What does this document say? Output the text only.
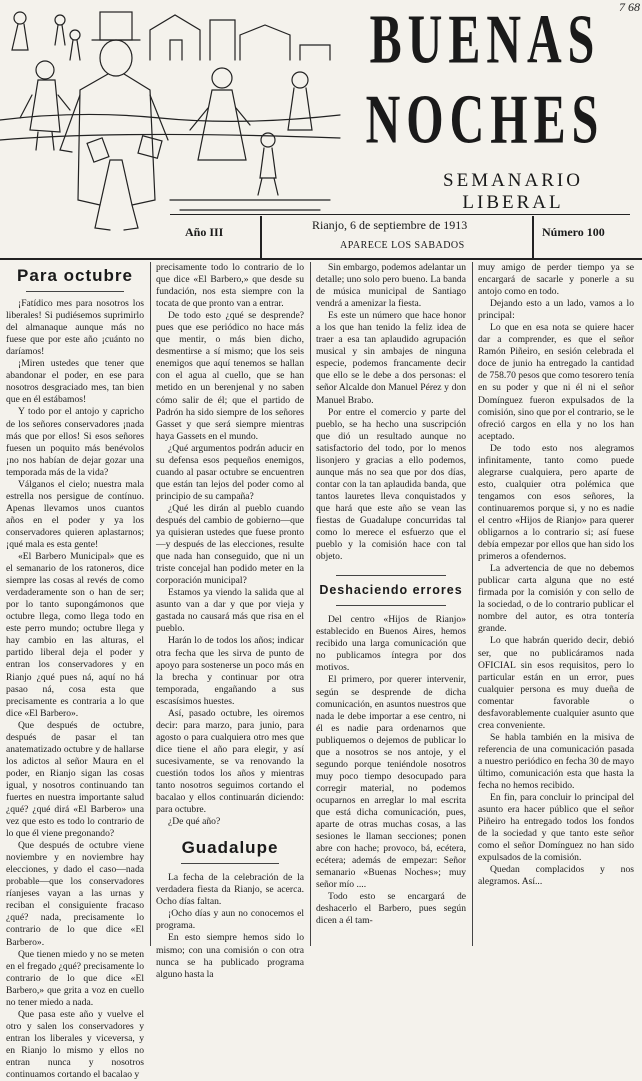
7 68
BUENAS
NOCHES
SEMANARIO LIBERAL
Año III	Rianjo, 6 de septiembre de 1913
APARECE LOS SABADOS
Número 100
Para octubre

¡Fatídico mes para nosotros los liberales! Si pudiésemos suprimirlo del almanaque aunque más no fuese que por este año ¡cuánto no daríamos!

¡Miren ustedes que tener que abandonar el poder, en ese para nosotros desgraciado mes, tan bien que en él estábamos!

Y todo por el antojo y capricho de los señores conservadores ¡nada más que por ellos! Si esos señores fuesen un poquito más benévolos ¡no nos habían de dejar gozar una temporada más de la vida?

Válganos el cielo; nuestra mala estrella nos persigue de contínuo. Apenas llevamos unos cuantos años en el poder y ya los conservadores quieren aplastarnos; ¡qué mala es esta gente!

«El Barbero Municipal» que es el semanario de los ratoneros, dice siempre las cosas al revés de como verdaderamente son o han de ser; por lo tanto supongámonos que octubre llega, como llega todo en este perro mundo; octubre llega y hay cambio en las alturas, el partido liberal deja el poder y entran los conservadores y en Rianjo ¿qué pues ná, aquí no há pasao ná, cosa esta que precisamente es contraria a lo que dice «El Barbero».

Que después de octubre, después de pasar el tan anatematizado octubre y de hallarse los adictos al señor Maura en el poder, en Rianjo sigan las cosas igual, y nosotros continuando tan fuertes en nuestra importante salud ¿qué? ¿qué dirá «El Barbero» una vez que esto es todo lo contrario de lo que él viene pregonando?

Que después de octubre viene noviembre y en noviembre hay elecciones, y dado el caso—nada probable—que los conservadores ríanjeses vayan a las urnas y reciban el consiguiente fracaso ¿qué? nada, precisamente lo contrario de lo que dice «El Barbero».

Que tienen miedo y no se meten en el fregado ¿qué? precisamente lo contrario de lo que dice «El Barbero,» que grita a voz en cuello no tener miedo a nada.

Que pasa este año y vuelve el otro y salen los conservadores y entran los liberales y viceversa, y en Rianjo lo mismo y ellos no entran nunca y nosotros continuamos cortando el bacalao y

precisamente todo lo contrario de lo que dice «El Barbero,» que desde su fundación, nos esta siempre con la tocata de que pronto van a entrar.

De todo esto ¿qué se desprende? pues que ese periódico no hace más que mentir, o más bien dicho, desmentirse a sí mismo; que los seis enemigos que aquí tenemos se hallan con el agua al cuello, que se han metido en un berenjenal y no saben cómo salir de él; que el partido de Padrón ha sido siempre de los señores Gasset y que será siempre mientras haya Gassets en el mundo.

¿Qué argumentos podrán aducir en su defensa esos pequeños enemigos, cuando al pasar octubre se encuentren que están tan lejos del poder como al principio de su campaña?

¿Qué les dirán al pueblo cuando después del cambio de gobierno—que ya quisieran ustedes que fuese pronto—y después de las elecciones, resulte que nada han conseguido, que ni un triste concejal han podido meter en la corporación municipal?

Estamos ya viendo la salida que al asunto van a dar y que por vieja y gastada no causará más que risa en el pueblo.

Harán lo de todos los años; indicar otra fecha que les sirva de punto de apoyo para sostenerse un poco más en la brecha y continuar por otra temporada, engañando a sus escasísimos huestes.

Así, pasado octubre, les oiremos decir: para marzo, para junio, para agosto o para cualquiera otro mes que dice tiene el año para elegir, y así sucesivamente, se va renovando la cuestión todos los años y mientras tanto nosotros seguimos cortando el bacalao y ellos continuarán diciendo: para octubre.

¿De qué año?

Guadalupe

La fecha de la celebración de la verdadera fiesta da Rianjo, se acerca. Ocho días faltan.

¡Ocho días y aun no conocemos el programa.

En esto siempre hemos sido lo mismo; con una comisión o con otra nunca se ha publicado programa alguno hasta la

Sin embargo, podemos adelantar un detalle; uno solo pero bueno. La banda de música municipal de Santiago vendrá a amenizar la fiesta.

Es este un número que hace honor a los que han tenido la feliz idea de traer a esa tan aplaudido agrupación musical y sin ambajes de ninguna especie, podemos francamente decir que ello se le debe a dos personas: el señor Alcalde don Manuel Pérez y don Manuel Brabo.

Por entre el comercio y parte del pueblo, se ha hecho una suscripción que dió un resultado aunque no satisfactorio del todo, por lo menos lisonjero y gracias a ello podemos, aunque más no sea que por dos días, contar con la tan aplaudida banda, que tantos lauretes lleva conquistados y que hará que este año se vean las fiestas de Guadalupe concurridas tal como lo merece el esfuerzo que el pueblo y la comisión hace con tal objeto.

Deshaciendo errores

Del centro «Hijos de Rianjo» establecido en Buenos Aires, hemos recibido una larga comunicación que no publicamos íntegra por dos motivos.

El primero, por querer intervenir, según se desprende de dicha comunicación, en asuntos nuestros que nada le debe importar a ese centro, ni él es nadie para ordenarnos que publiquemos o dejemos de publicar lo que a nosotros se nos antoje, y el segundo porque teniéndole nosotros muy poco tiempo desocupado para corregir material, no podemos ocuparnos en arreglar lo mal escrita que está dicha comunicación, pues, aparte de otras muchas cosas, a las sesiones le llaman secciones; ponen abre con hache; provoco, bá, ecétera, ecétera; además de empezar: Señor semanario «Buenas Noches»; muy señor mío ....

Todo esto se encargará de deshacerlo el Barbero, pues según dicen a él tam-

muy amigo de perder tiempo ya se encargará de sacarle y ponerle a su antojo como en todo.

Dejando esto a un lado, vamos a lo principal:

Lo que en esa nota se quiere hacer dar a comprender, es que el señor Ramón Piñeiro, en sesión celebrada el doce de junio ha entregado la cantidad de 758.70 pesos que como tesorero tenía en su poder y que ni él ni el señor Domínguez fueron expulsados de la comisión, sino que por el contrario, se le ofreció cargos en ella y no los han aceptado.

De todo esto nos alegramos infinitamente, tanto como puede alegrarse cualquiera, pero aparte de esto, cualquier otra polémica que tengamos con esos señores, la continuaremos porque si, y no es nadie el centro «Hijos de Rianjo» para querer obligarnos a lo contrario si; así fuese debía empezar por ellos que han sido los primeros a ofendernos.

La advertencia de que no debemos publicar carta alguna que no esté firmada por la comisión y con sello de la sociedad, o de lo contrario publicar el nombre del autor, es otra tontería grande.

Lo que habrán querido decir, debió ser, que no publicáramos nada OFICIAL sin esos requisitos, pero lo particular están en un error, pues cualquier persona es muy dueña de comentar favorable o desfavorablemente cualquier asunto que crea conveniente.

Se habla también en la misiva de referencia de una comunicación pasada a nuestro periódico en fecha 30 de mayo último, comunicación esta que hasta la fecha no hemos recibido.

En fin, para concluir lo principal del asunto era hacer público que el señor Piñeiro ha entregado todos los fondos de la sociedad y que tanto este señor como el señor Domínguez no han sido expulsados de la comisión.

Quedan complacidos y nos alegramos. Así...
